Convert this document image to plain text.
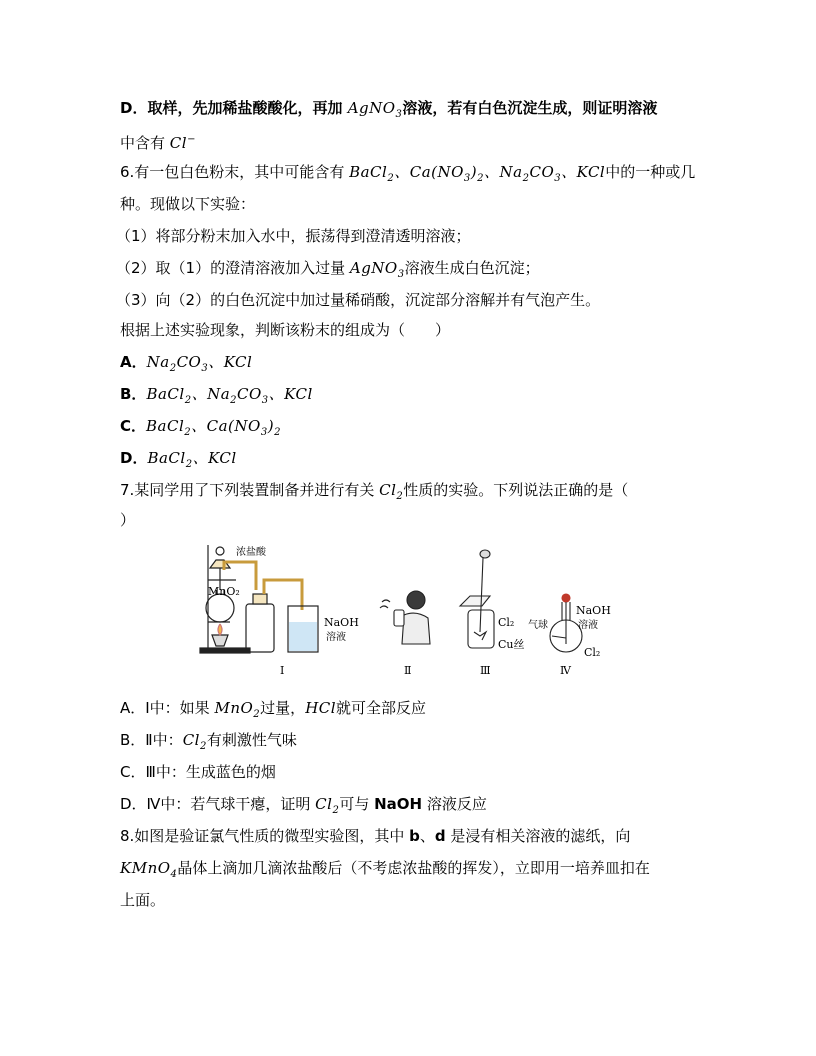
D．取样，先加稀盐酸酸化，再加 AgNO$_3$溶液，若有白色沉淀生成，则证明溶液
中含有 Cl−
6.有一包白色粉末，其中可能含有 BaCl$_2$、$Ca(NO_3)_2$、$Na_2CO_3$、KCl中的一种或几
种。现做以下实验：
（1）将部分粉末加入水中，振荡得到澄清透明溶液；
（2）取（1）的澄清溶液加入过量 AgNO$_3$溶液生成白色沉淀；
（3）向（2）的白色沉淀中加过量稀硝酸，沉淀部分溶解并有气泡产生。
根据上述实验现象，判断该粉末的组成为（　　）
A．$Na_2CO_3$、KCl
B．BaCl$_2$、$Na_2CO_3$、KCl
C．BaCl$_2$、$Ca(NO_3)_2$
D．BaCl$_2$、KCl
7.某同学用了下列装置制备并进行有关 $Cl_2$性质的实验。下列说法正确的是（
）
浓盐酸
MnO₂
NaOH
溶液
Ⅰ	Ⅱ
Cl₂
Cu丝
Ⅲ
气球
NaOH
溶液
Cl₂
Ⅳ
A．Ⅰ中：如果 MnO$_2$过量，HCl就可全部反应
B．Ⅱ中：$Cl_2$有刺激性气味
C．Ⅲ中：生成蓝色的烟
D．Ⅳ中：若气球干瘪，证明 $Cl_2$可与 NaOH 溶液反应
8.如图是验证氯气性质的微型实验图，其中 b、d 是浸有相关溶液的滤纸，向
KMnO$_4$晶体上滴加几滴浓盐酸后（不考虑浓盐酸的挥发），立即用一培养皿扣在
上面。
